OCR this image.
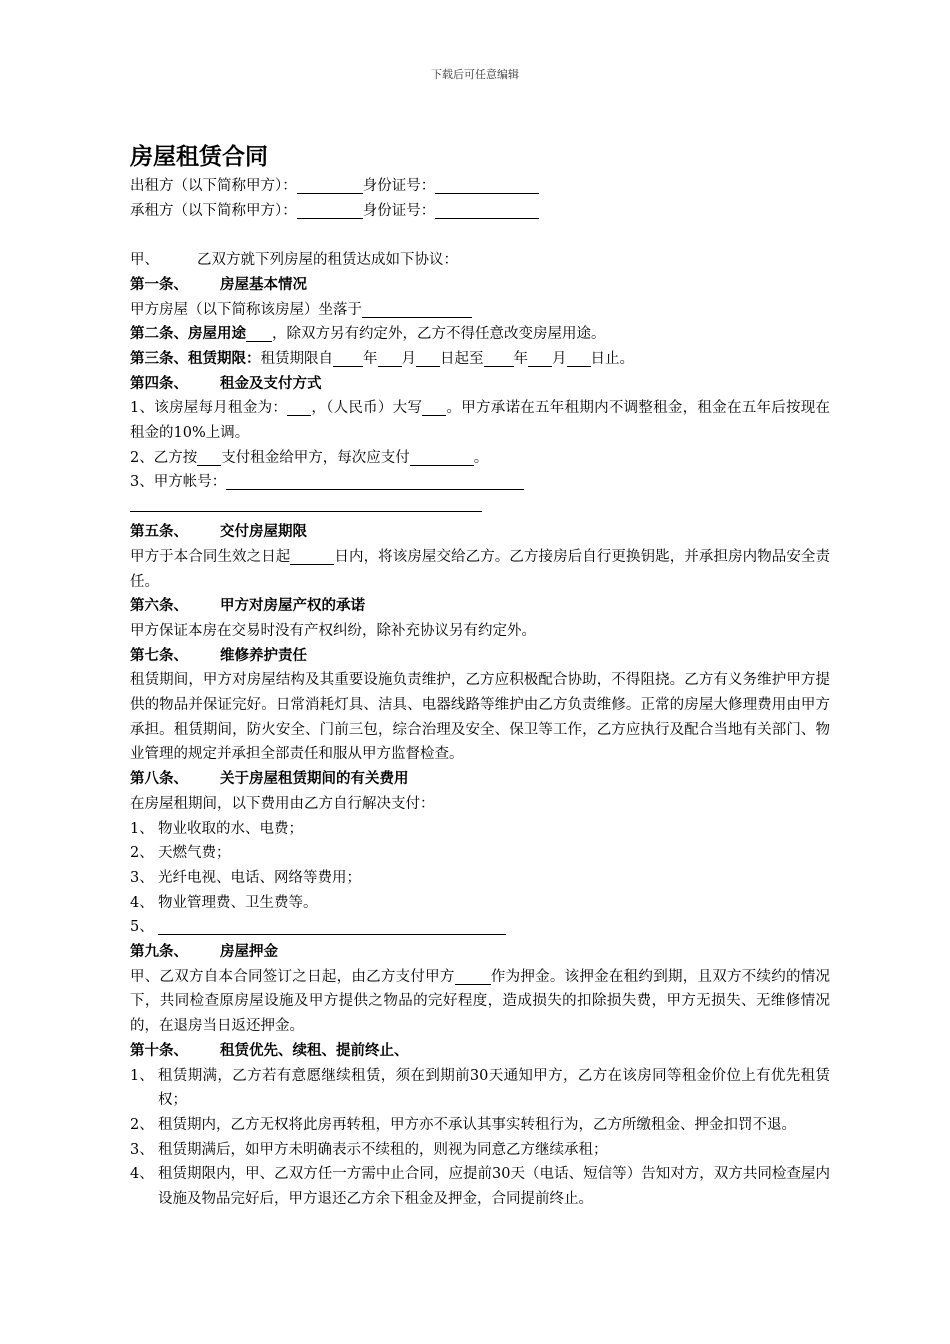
下载后可任意编辑
房屋租赁合同

出租方（以下简称甲方）：	身份证号：

承租方（以下简称甲方）：	身份证号：

甲、	乙双方就下列房屋的租赁达成如下协议：

第一条、 房屋基本情况

甲方房屋（以下简称该房屋）坐落于

第二条、房屋用途 ，除双方另有约定外，乙方不得任意改变房屋用途。

第三条、租赁期限：租赁期限自 年 月 日起至 年 月 日止。

第四条、 租金及支付方式

1、该房屋每月租金为： ，（人民币）大写 。甲方承诺在五年租期内不调整租金，租金在五年后按现在租金的10%上调。

2、乙方按 支付租金给甲方，每次应支付	。

3、甲方帐号：

第五条、 交付房屋期限

甲方于本合同生效之日起	日内，将该房屋交给乙方。乙方接房后自行更换钥匙，并承担房内物品安全责任。

第六条、 甲方对房屋产权的承诺

甲方保证本房在交易时没有产权纠纷，除补充协议另有约定外。

第七条、 维修养护责任

租赁期间，甲方对房屋结构及其重要设施负责维护，乙方应积极配合协助，不得阻挠。乙方有义务维护甲方提供的物品并保证完好。日常消耗灯具、洁具、电器线路等维护由乙方负责维修。正常的房屋大修理费用由甲方承担。租赁期间，防火安全、门前三包，综合治理及安全、保卫等工作，乙方应执行及配合当地有关部门、物业管理的规定并承担全部责任和服从甲方监督检查。

第八条、 关于房屋租赁期间的有关费用

在房屋租期间，以下费用由乙方自行解决支付：

1、 物业收取的水、电费；

2、 天燃气费；

3、 光纤电视、电话、网络等费用；

4、 物业管理费、卫生费等。

5、

第九条、 房屋押金

甲、乙双方自本合同签订之日起，由乙方支付甲方 作为押金。该押金在租约到期，且双方不续约的情况下，共同检查原房屋设施及甲方提供之物品的完好程度，造成损失的扣除损失费，甲方无损失、无维修情况的，在退房当日返还押金。

第十条、 租赁优先、续租、提前终止、

1、 租赁期满，乙方若有意愿继续租赁，须在到期前30天通知甲方，乙方在该房同等租金价位上有优先租赁权；
2、 租赁期内，乙方无权将此房再转租，甲方亦不承认其事实转租行为，乙方所缴租金、押金扣罚不退。
3、 租赁期满后，如甲方未明确表示不续租的，则视为同意乙方继续承租；
4、 租赁期限内，甲、乙双方任一方需中止合同，应提前30天（电话、短信等）告知对方，双方共同检查屋内设施及物品完好后，甲方退还乙方余下租金及押金，合同提前终止。
